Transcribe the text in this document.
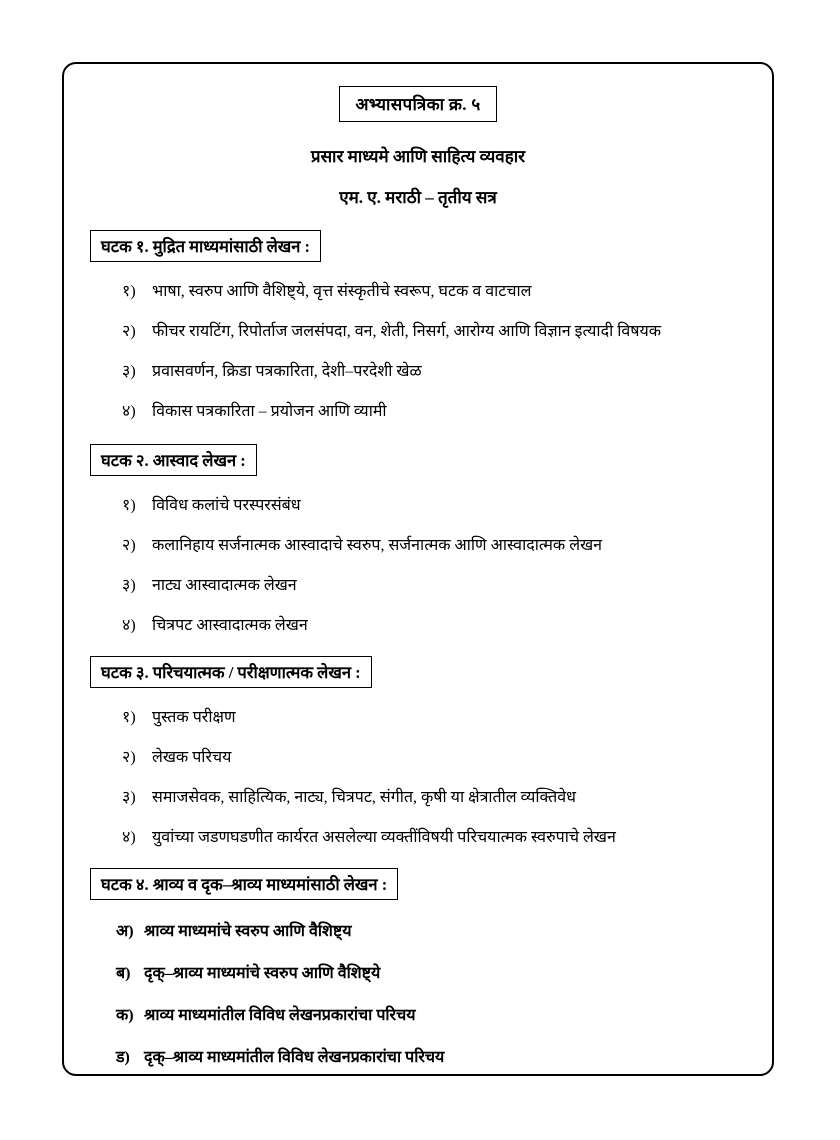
अभ्यासपत्रिका क्र. ५
प्रसार माध्यमे आणि साहित्य व्यवहार
एम. ए. मराठी – तृतीय सत्र
घटक १. मुद्रित माध्यमांसाठी लेखन :
१)	भाषा, स्वरुप आणि वैशिष्ट्ये, वृत्त संस्कृतीचे स्वरूप, घटक व वाटचाल
२)	फीचर रायटिंग, रिपोर्ताज जलसंपदा, वन, शेती, निसर्ग, आरोग्य आणि विज्ञान इत्यादी विषयक
३)	प्रवासवर्णन, क्रिडा पत्रकारिता, देशी–परदेशी खेळ
४)	विकास पत्रकारिता – प्रयोजन आणि व्यामी
घटक २. आस्वाद लेखन :
१)	विविध कलांचे परस्परसंबंध
२)	कलानिहाय सर्जनात्मक आस्वादाचे स्वरुप, सर्जनात्मक आणि आस्वादात्मक लेखन
३)	नाट्य आस्वादात्मक लेखन
४)	चित्रपट आस्वादात्मक लेखन
घटक ३. परिचयात्मक / परीक्षणात्मक लेखन :
१)	पुस्तक परीक्षण
२)	लेखक परिचय
३)	समाजसेवक, साहित्यिक, नाट्य, चित्रपट, संगीत, कृषी या क्षेत्रातील व्यक्तिवेध
४)	युवांच्या जडणघडणीत कार्यरत असलेल्या व्यक्तींविषयी परिचयात्मक स्वरुपाचे लेखन
घटक ४. श्राव्य व दृक–श्राव्य माध्यमांसाठी लेखन :
अ) श्राव्य माध्यमांचे स्वरुप आणि वैशिष्ट्य
ब) दृक्–श्राव्य माध्यमांचे स्वरुप आणि वैशिष्ट्ये
क) श्राव्य माध्यमांतील विविध लेखनप्रकारांचा परिचय
ड) दृक्–श्राव्य माध्यमांतील विविध लेखनप्रकारांचा परिचय
